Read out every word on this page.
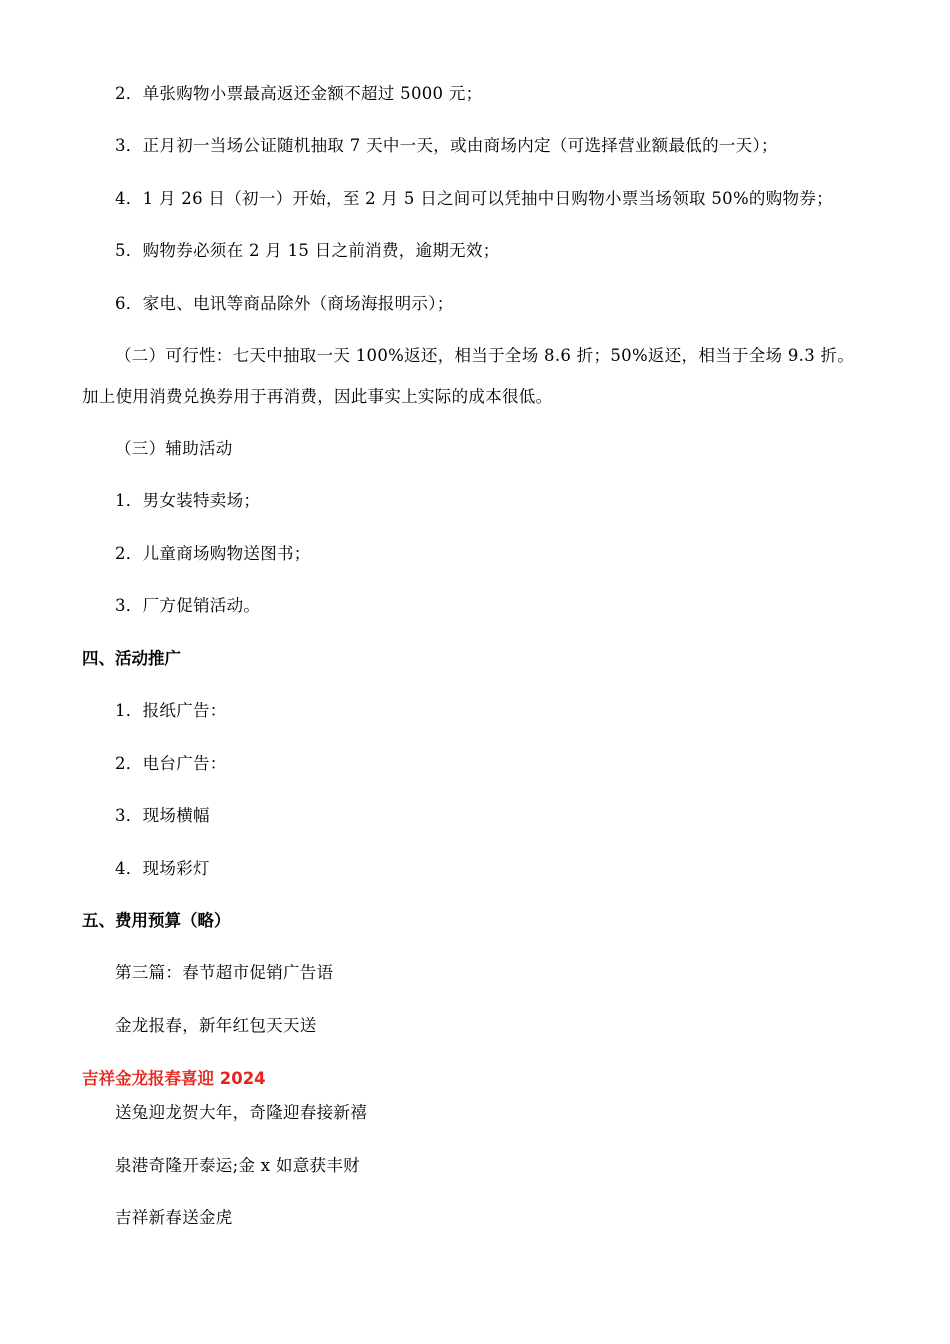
2．单张购物小票最高返还金额不超过 5000 元；
3．正月初一当场公证随机抽取 7 天中一天，或由商场内定（可选择营业额最低的一天）；
4．1 月 26 日（初一）开始，至 2 月 5 日之间可以凭抽中日购物小票当场领取 50%的购物券；
5．购物券必须在 2 月 15 日之前消费，逾期无效；
6．家电、电讯等商品除外（商场海报明示）；
（二）可行性：七天中抽取一天 100%返还，相当于全场 8.6 折；50%返还，相当于全场 9.3 折。
加上使用消费兑换券用于再消费，因此事实上实际的成本很低。
（三）辅助活动
1．男女装特卖场；
2．儿童商场购物送图书；
3．厂方促销活动。
四、活动推广
1．报纸广告：
2．电台广告：
3．现场横幅
4．现场彩灯
五、费用预算（略）
第三篇：春节超市促销广告语
金龙报春，新年红包天天送
吉祥金龙报春喜迎 2024
送兔迎龙贺大年，奇隆迎春接新禧
泉港奇隆开泰运;金 x 如意获丰财
吉祥新春送金虎
